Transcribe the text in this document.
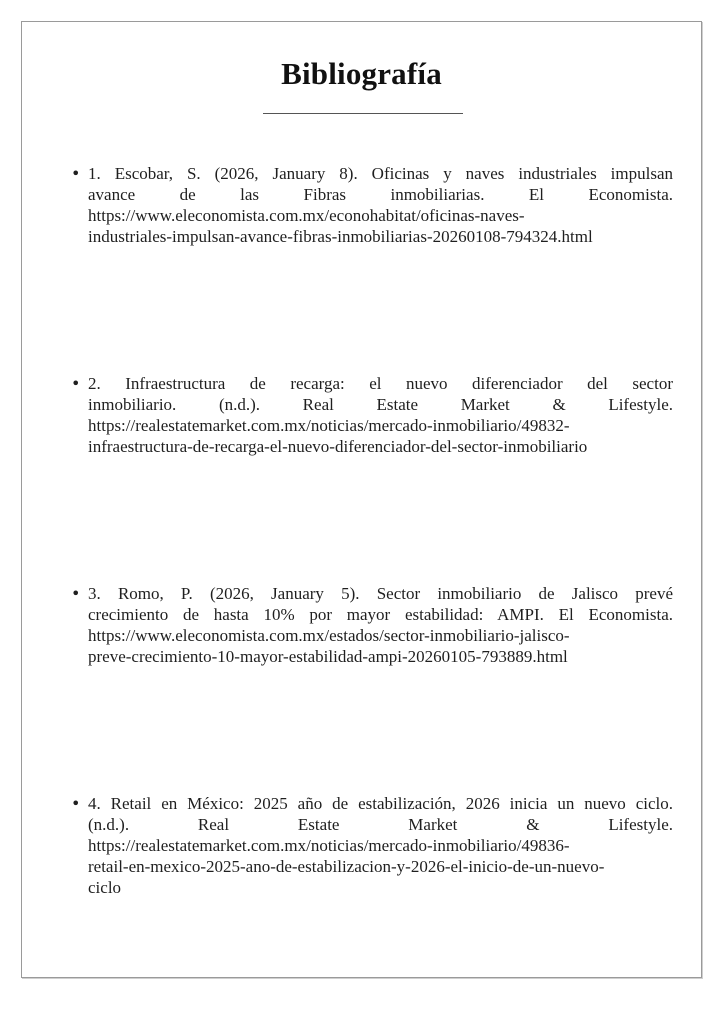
Bibliografía
• 1. Escobar, S. (2026, January 8). Oficinas y naves industriales impulsan
avance de las Fibras inmobiliarias. El Economista.
https://www.eleconomista.com.mx/econohabitat/oficinas-naves-
industriales-impulsan-avance-fibras-inmobiliarias-20260108-794324.html
• 2. Infraestructura de recarga: el nuevo diferenciador del sector
inmobiliario. (n.d.). Real Estate Market & Lifestyle.
https://realestatemarket.com.mx/noticias/mercado-inmobiliario/49832-
infraestructura-de-recarga-el-nuevo-diferenciador-del-sector-inmobiliario
• 3. Romo, P. (2026, January 5). Sector inmobiliario de Jalisco prevé
crecimiento de hasta 10% por mayor estabilidad: AMPI. El Economista.
https://www.eleconomista.com.mx/estados/sector-inmobiliario-jalisco-
preve-crecimiento-10-mayor-estabilidad-ampi-20260105-793889.html
• 4. Retail en México: 2025 año de estabilización, 2026 inicia un nuevo ciclo.
(n.d.). Real Estate Market & Lifestyle.
https://realestatemarket.com.mx/noticias/mercado-inmobiliario/49836-
retail-en-mexico-2025-ano-de-estabilizacion-y-2026-el-inicio-de-un-nuevo-
ciclo
